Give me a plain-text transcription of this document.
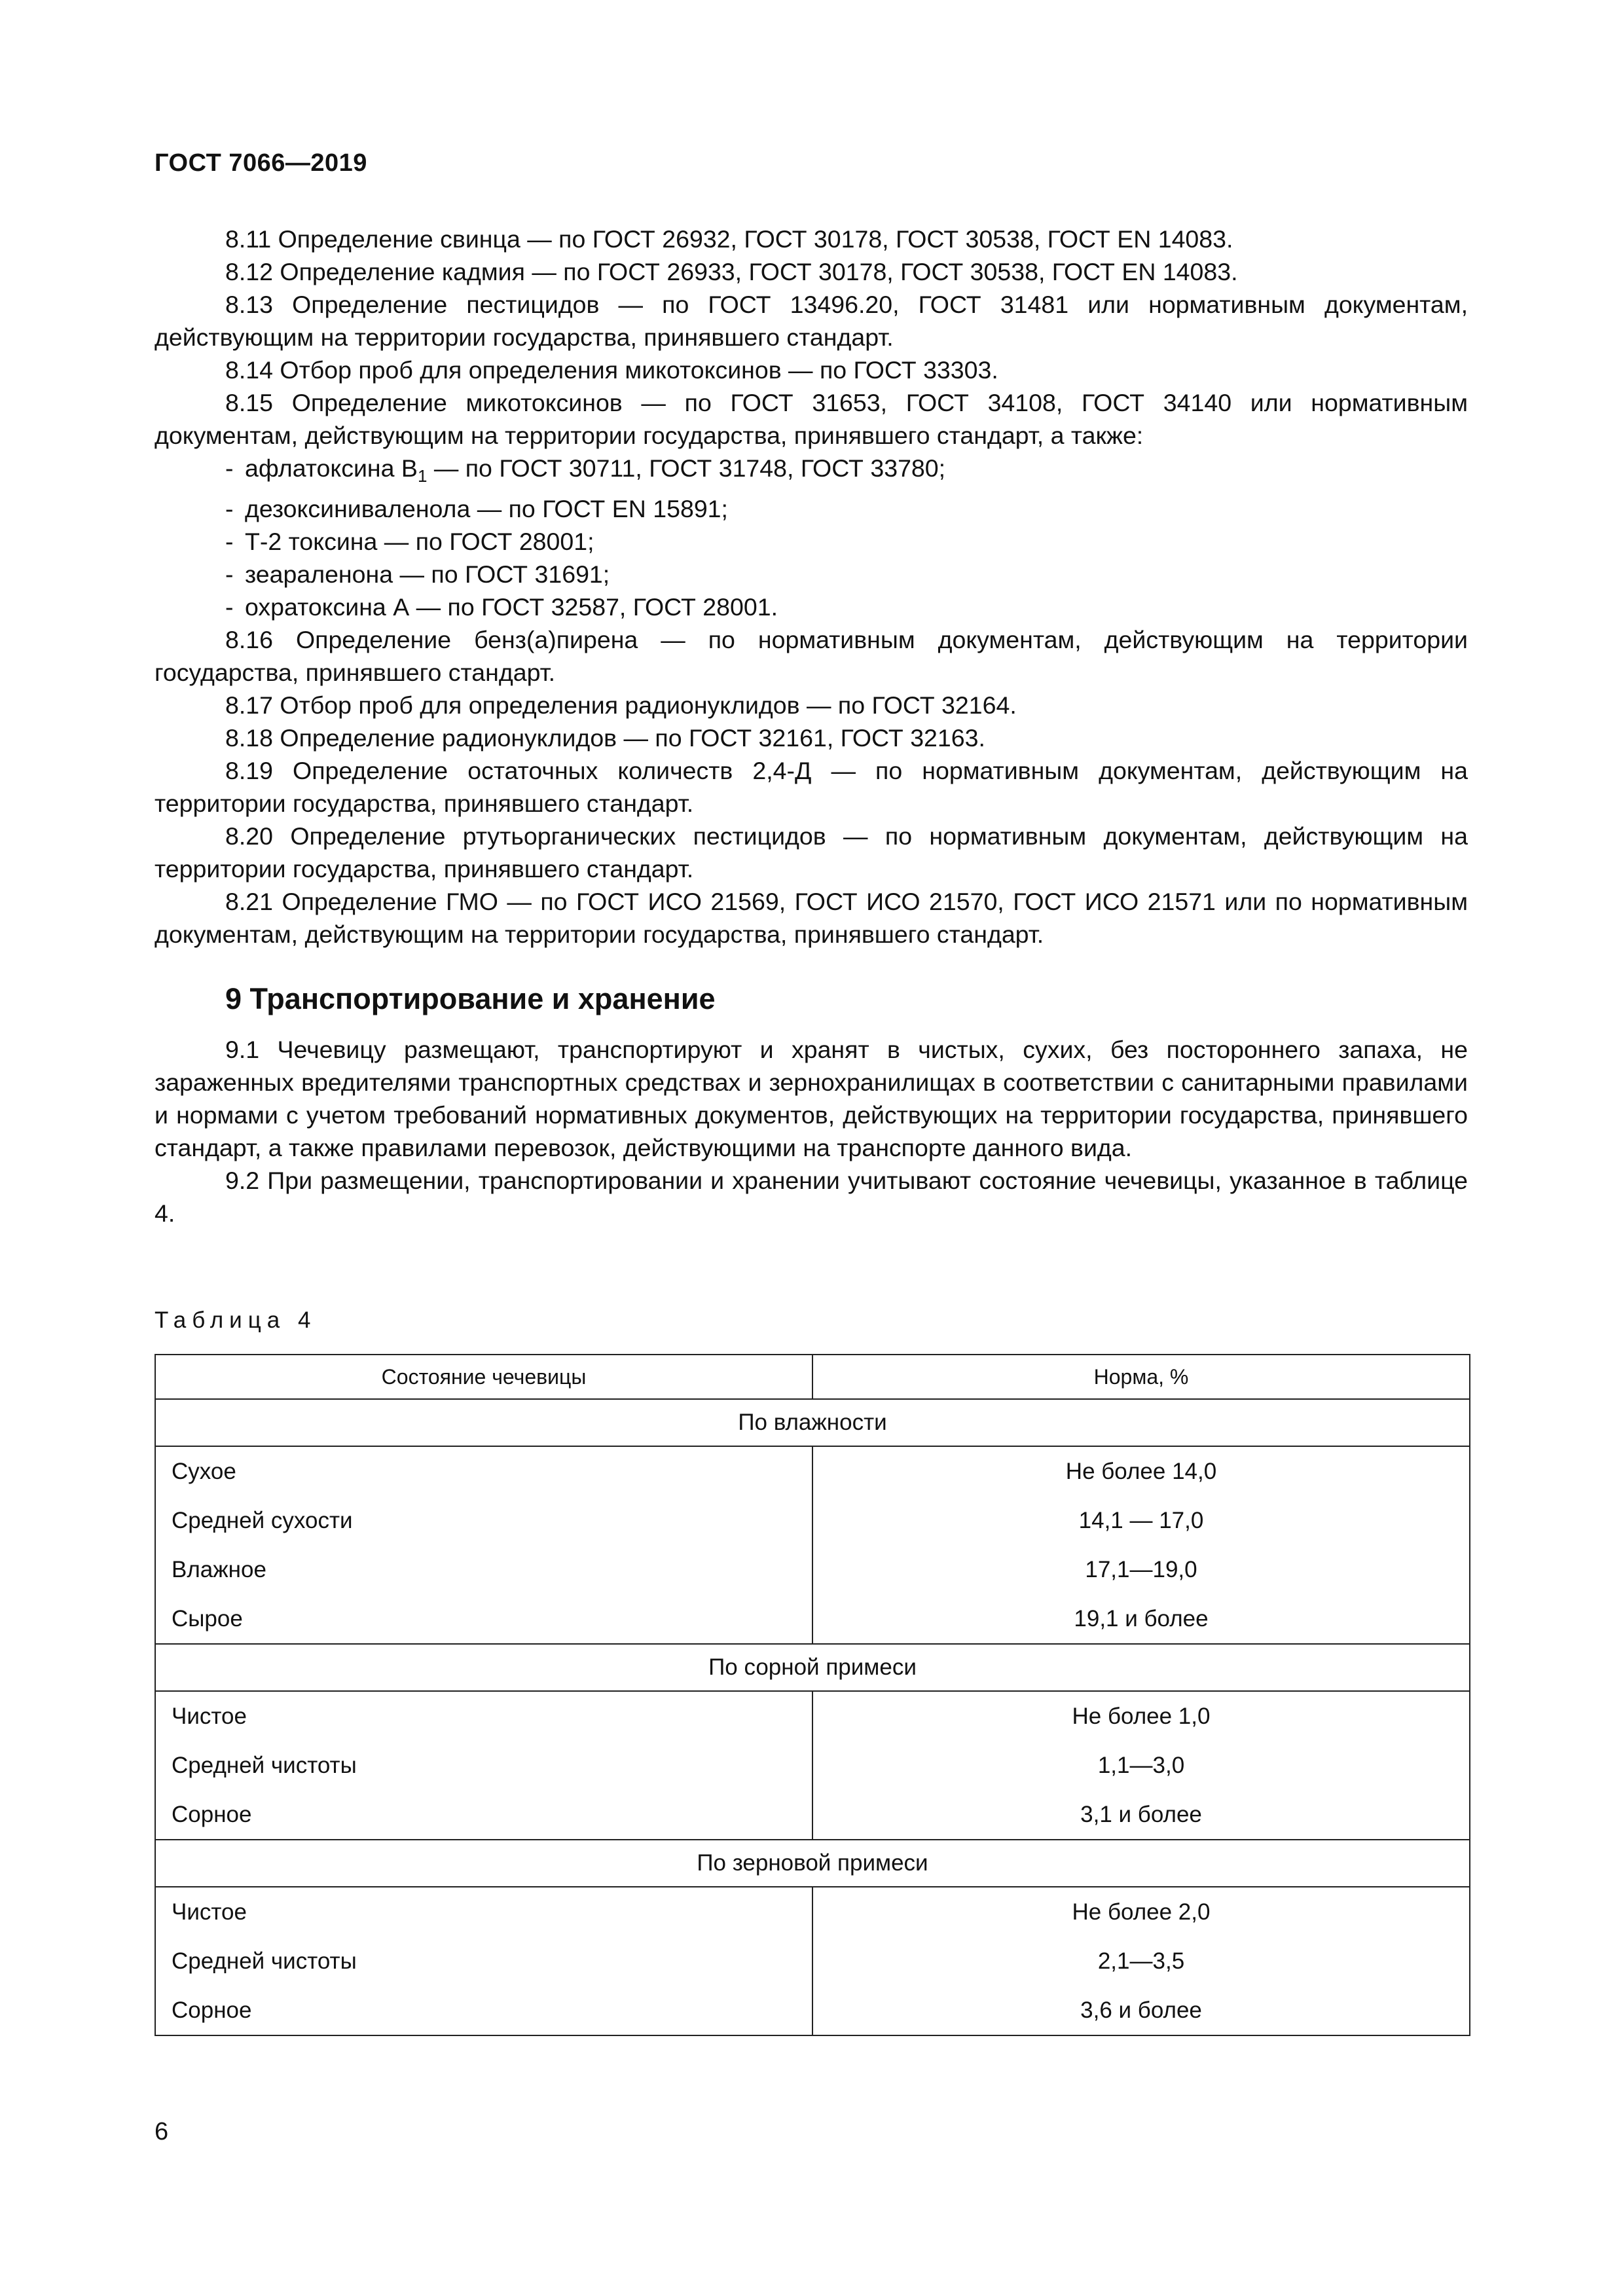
ГОСТ 7066—2019

8.11 Определение свинца — по ГОСТ 26932, ГОСТ 30178, ГОСТ 30538, ГОСТ EN 14083.

8.12 Определение кадмия — по ГОСТ 26933, ГОСТ 30178, ГОСТ 30538, ГОСТ EN 14083.

8.13 Определение пестицидов — по ГОСТ 13496.20, ГОСТ 31481 или нормативным документам, действующим на территории государства, принявшего стандарт.

8.14 Отбор проб для определения микотоксинов — по ГОСТ 33303.

8.15 Определение микотоксинов — по ГОСТ 31653, ГОСТ 34108, ГОСТ 34140 или нормативным документам, действующим на территории государства, принявшего стандарт, а также:

- афлатоксина $B_1$ — по ГОСТ 30711, ГОСТ 31748, ГОСТ 33780;
- дезоксиниваленола — по ГОСТ EN 15891;
- Т-2 токсина — по ГОСТ 28001;
- зеараленона — по ГОСТ 31691;
- охратоксина А — по ГОСТ 32587, ГОСТ 28001.

8.16 Определение бенз(а)пирена — по нормативным документам, действующим на территории государства, принявшего стандарт.

8.17 Отбор проб для определения радионуклидов — по ГОСТ 32164.

8.18 Определение радионуклидов — по ГОСТ 32161, ГОСТ 32163.

8.19 Определение остаточных количеств 2,4-Д — по нормативным документам, действующим на территории государства, принявшего стандарт.

8.20 Определение ртутьорганических пестицидов — по нормативным документам, действующим на территории государства, принявшего стандарт.

8.21 Определение ГМО — по ГОСТ ИСО 21569, ГОСТ ИСО 21570, ГОСТ ИСО 21571 или по нормативным документам, действующим на территории государства, принявшего стандарт.

9 Транспортирование и хранение

9.1 Чечевицу размещают, транспортируют и хранят в чистых, сухих, без постороннего запаха, не зараженных вредителями транспортных средствах и зернохранилищах в соответствии с санитарными правилами и нормами с учетом требований нормативных документов, действующих на территории государства, принявшего стандарт, а также правилами перевозок, действующими на транспорте данного вида.

9.2 При размещении, транспортировании и хранении учитывают состояние чечевицы, указанное в таблице 4.

Таблица 4
Состояние чечевицы	Норма, %
По влажности	
Сухое	Не более 14,0
Средней сухости	14,1 — 17,0
Влажное	17,1—19,0
Сырое	19,1 и более
По сорной примеси	
Чистое	Не более 1,0
Средней чистоты	1,1—3,0
Сорное	3,1 и более
По зерновой примеси	
Чистое	Не более 2,0
Средней чистоты	2,1—3,5
Сорное	3,6 и более
6
